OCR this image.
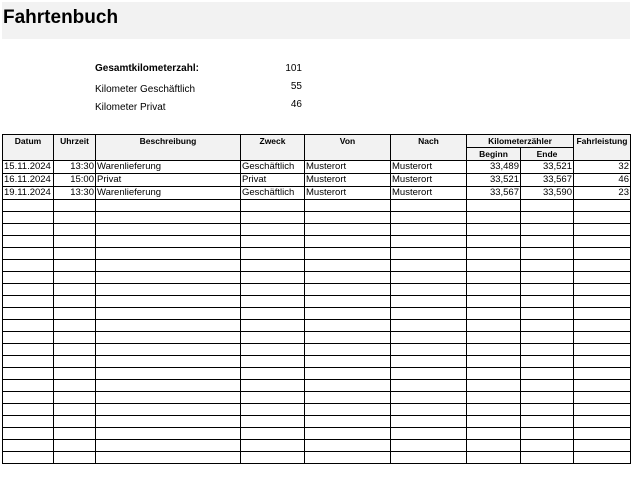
Fahrtenbuch
Gesamtkilometerzahl:	101
Kilometer Geschäftlich	55
Kilometer Privat	46
Datum	Uhrzeit	Beschreibung	Zweck	Von	Nach	Kilometerzähler		Fahrleistung
						Beginn	Ende	
15.11.2024	13:30	Warenlieferung	Geschäftlich	Musterort	Musterort	33,489	33,521	32
16.11.2024	15:00	Privat	Privat	Musterort	Musterort	33,521	33,567	46
19.11.2024	13:30	Warenlieferung	Geschäftlich	Musterort	Musterort	33,567	33,590	23
